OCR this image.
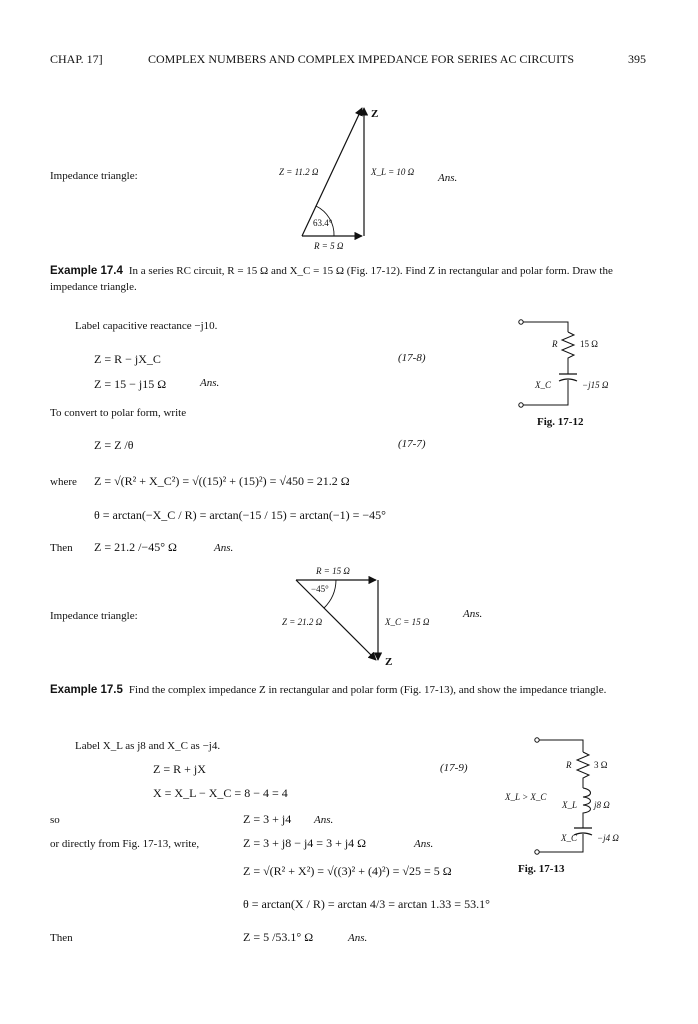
CHAP. 17]	COMPLEX NUMBERS AND COMPLEX IMPEDANCE FOR SERIES AC CIRCUITS	395
Impedance triangle:
Z
Z = 11.2 Ω	X_L = 10 Ω
R = 5 Ω
63.4°
Ans.
Example 17.4 In a series RC circuit, R = 15 Ω and X_C = 15 Ω (Fig. 17-12). Find Z in rectangular and polar form. Draw the impedance triangle.
Label capacitive reactance −j10.
Z = R − jX_C	(17-8)
Z = 15 − j15 Ω	Ans.
To convert to polar form, write
Z = Z /θ	(17-7)
where Z = √(R² + X_C²) = √((15)² + (15)²) = √450 = 21.2 Ω
θ = arctan(−X_C / R) = arctan(−15 / 15) = arctan(−1) = −45°
Then Z = 21.2 /−45° Ω	Ans.
R	15 Ω
X_C	−j15 Ω
Fig. 17-12
Impedance triangle:
R = 15 Ω
−45°
Z = 21.2 Ω	X_C = 15 Ω
Z
Ans.
Example 17.5 Find the complex impedance Z in rectangular and polar form (Fig. 17-13), and show the impedance triangle.
Label X_L as j8 and X_C as −j4.
Z = R + jX	(17-9)
X = X_L − X_C = 8 − 4 = 4
so	Z = 3 + j4 Ans.
or directly from Fig. 17-13, write,	Z = 3 + j8 − j4 = 3 + j4 Ω	Ans.
Z = √(R² + X²) = √((3)² + (4)²) = √25 = 5 Ω
θ = arctan(X / R) = arctan 4/3 = arctan 1.33 = 53.1°
Then	Z = 5 /53.1° Ω	Ans.
R	3 Ω
X_L > X_C
X_L j8 Ω
X_C −j4 Ω
Fig. 17-13
